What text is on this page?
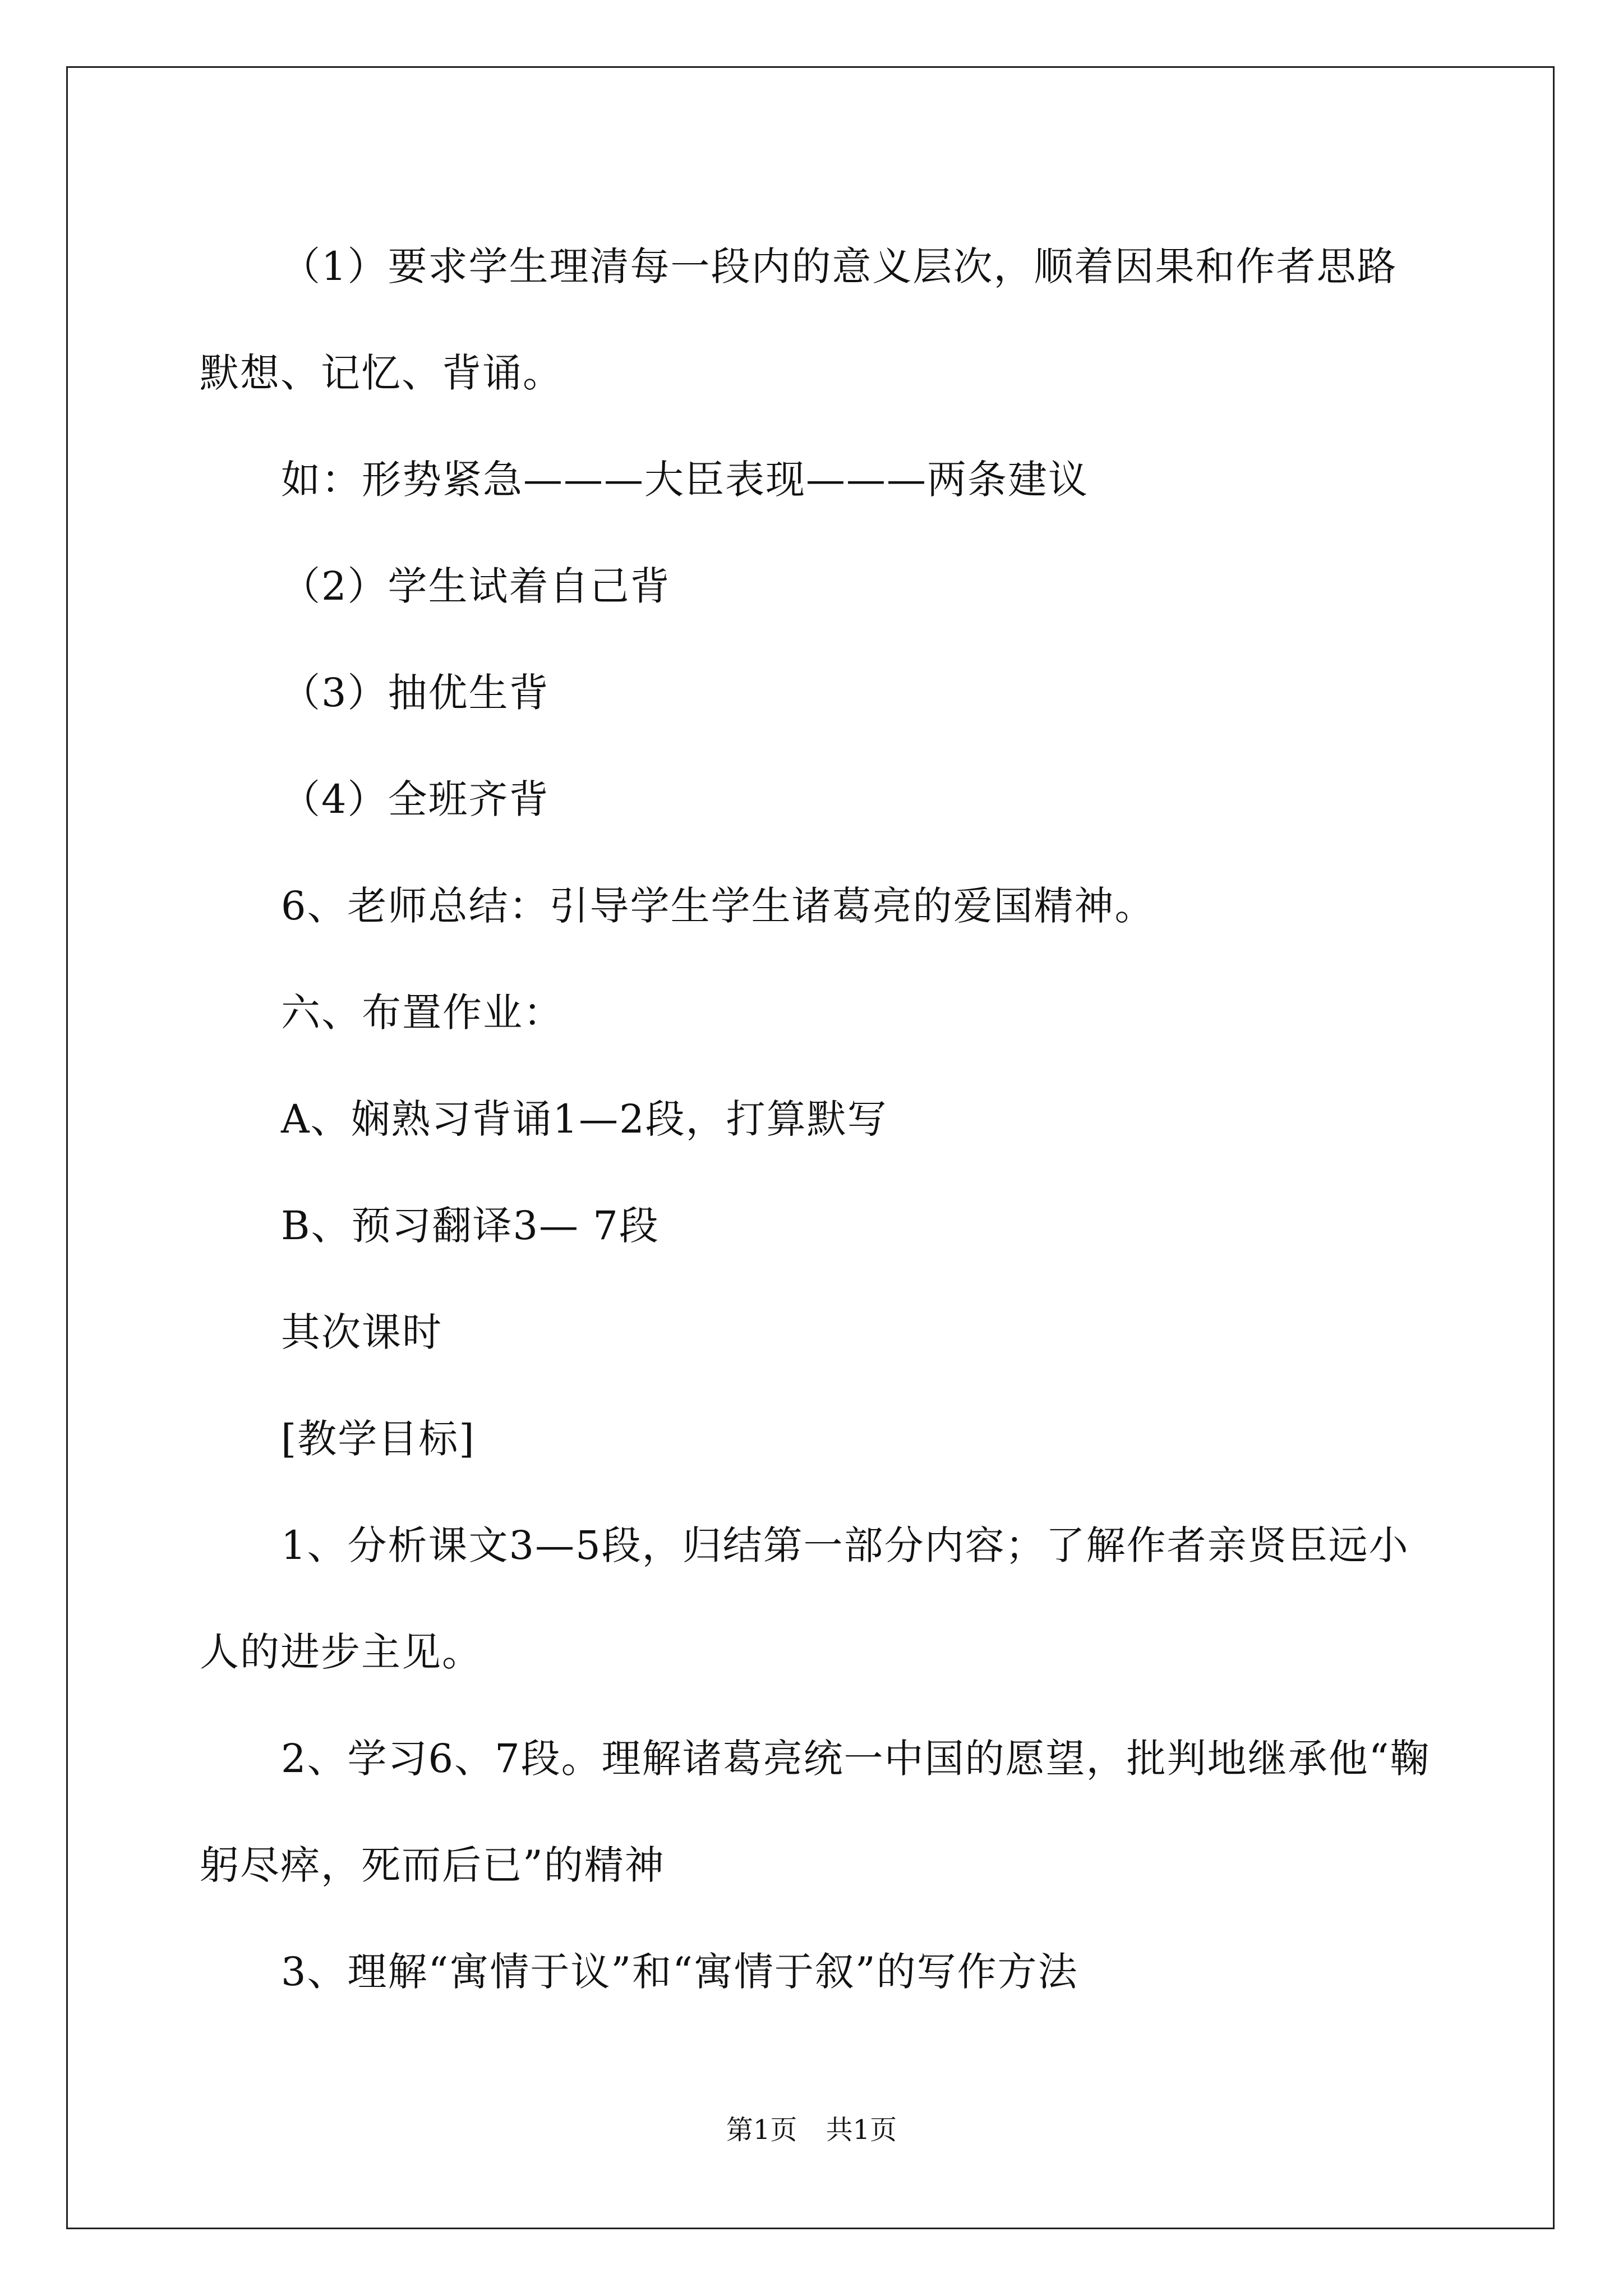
（1）要求学生理清每一段内的意义层次，顺着因果和作者思路默想、记忆、背诵。

如：形势紧急———大臣表现———两条建议

（2）学生试着自己背

（3）抽优生背

（4）全班齐背

6、老师总结：引导学生学生诸葛亮的爱国精神。

六、布置作业：

A、娴熟习背诵1—2段，打算默写

B、预习翻译3— 7段

其次课时

[教学目标]

1、分析课文3—5段，归结第一部分内容；了解作者亲贤臣远小人的进步主见。

2、学习6、7段。理解诸葛亮统一中国的愿望，批判地继承他“鞠躬尽瘁，死而后已”的精神

3、理解“寓情于议”和“寓情于叙”的写作方法

第1页 共1页
